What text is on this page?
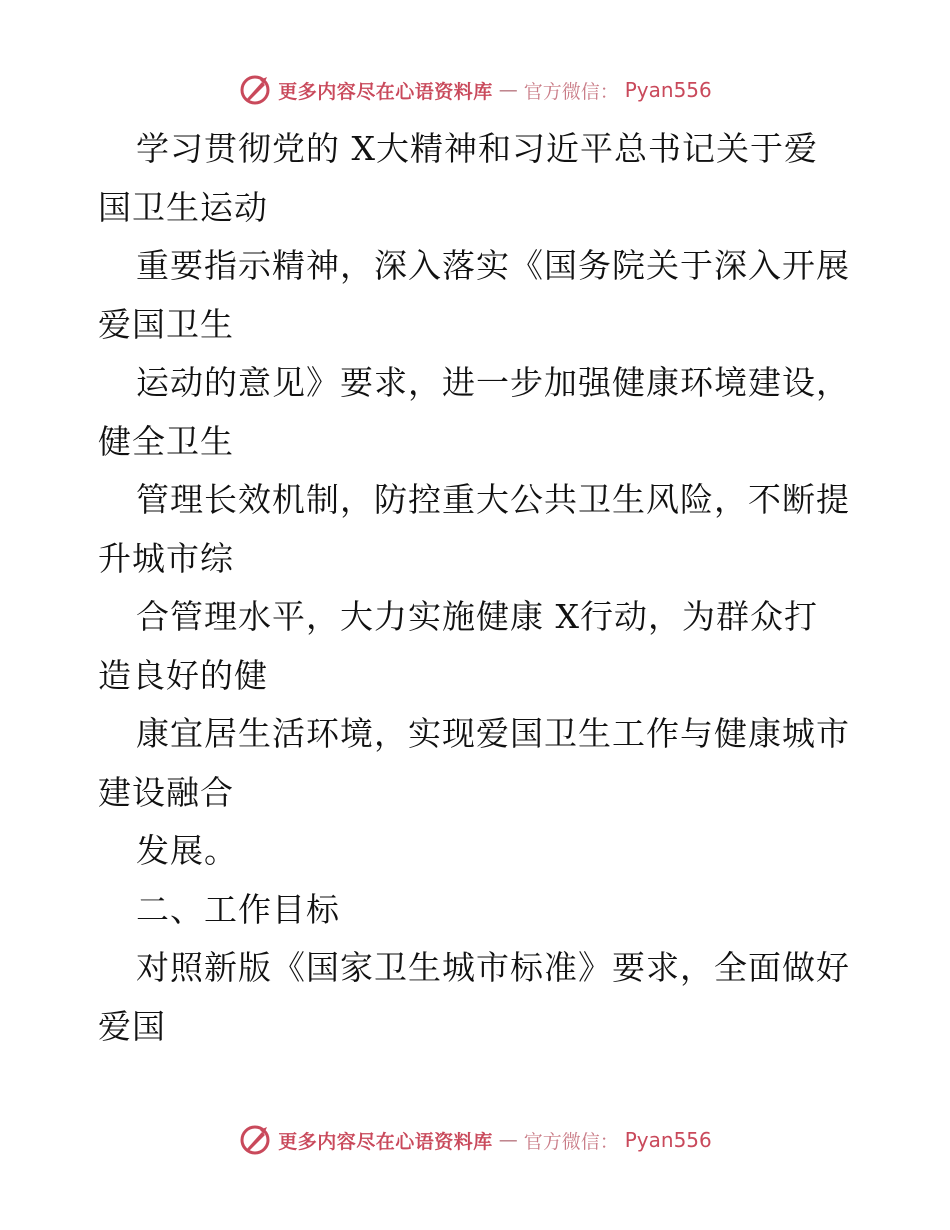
更多内容尽在心语资料库 — 官方微信： Pyan556
学习贯彻党的 X大精神和习近平总书记关于爱
国卫生运动
重要指示精神，深入落实《国务院关于深入开展
爱国卫生
运动的意见》要求，进一步加强健康环境建设，
健全卫生
管理长效机制，防控重大公共卫生风险，不断提
升城市综
合管理水平，大力实施健康 X行动，为群众打
造良好的健
康宜居生活环境，实现爱国卫生工作与健康城市
建设融合
发展。
二、工作目标
对照新版《国家卫生城市标准》要求，全面做好
爱国
更多内容尽在心语资料库 — 官方微信： Pyan556
